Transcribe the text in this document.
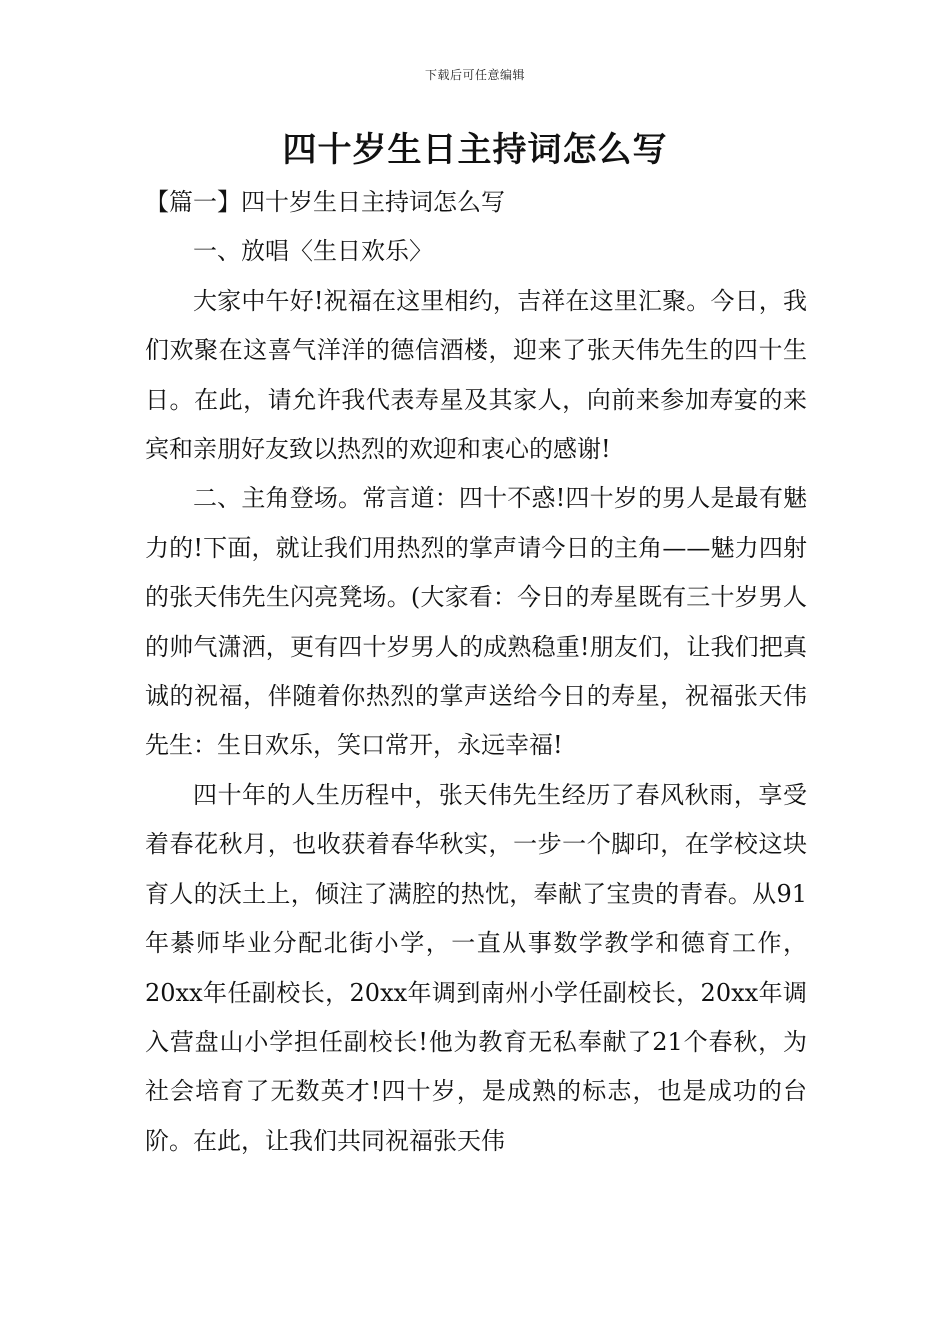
下载后可任意编辑
四十岁生日主持词怎么写

【篇一】四十岁生日主持词怎么写

一、放唱〈生日欢乐〉

大家中午好!祝福在这里相约，吉祥在这里汇聚。今日，我们欢聚在这喜气洋洋的德信酒楼，迎来了张天伟先生的四十生日。在此，请允许我代表寿星及其家人，向前来参加寿宴的来宾和亲朋好友致以热烈的欢迎和衷心的感谢!

二、主角登场。常言道：四十不惑!四十岁的男人是最有魅力的!下面，就让我们用热烈的掌声请今日的主角——魅力四射的张天伟先生闪亮凳场。(大家看：今日的寿星既有三十岁男人的帅气潇洒，更有四十岁男人的成熟稳重!朋友们，让我们把真诚的祝福，伴随着你热烈的掌声送给今日的寿星，祝福张天伟先生：生日欢乐，笑口常开，永远幸福!

四十年的人生历程中，张天伟先生经历了春风秋雨，享受着春花秋月，也收获着春华秋实，一步一个脚印，在学校这块育人的沃土上，倾注了满腔的热忱，奉献了宝贵的青春。从91年綦师毕业分配北街小学，一直从事数学教学和德育工作，20xx年任副校长，20xx年调到南州小学任副校长，20xx年调入营盘山小学担任副校长!他为教育无私奉献了21个春秋，为社会培育了无数英才!四十岁，是成熟的标志，也是成功的台阶。在此，让我们共同祝福张天伟
